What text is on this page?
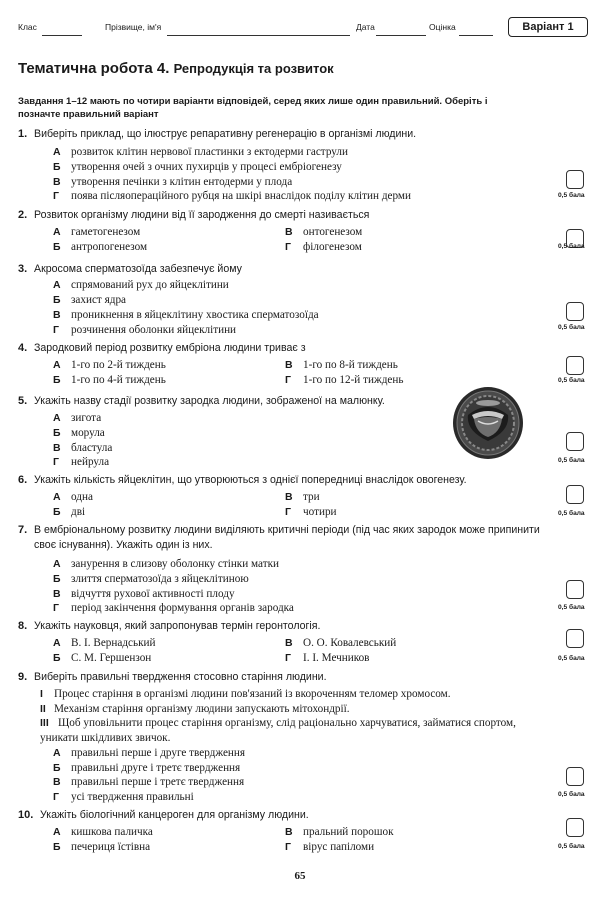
Клас	Прізвище, ім'я	Дата	Оцінка	Варіант 1
Тематична робота 4. Репродукція та розвиток
Завдання 1–12 мають по чотири варіанти відповідей, серед яких лише один правильний. Оберіть і позначте правильний варіант
1. Виберіть приклад, що ілюструє репаративну регенерацію в організмі людини.
А розвиток клітин нервової пластинки з ектодерми гаструли
Б утворення очей з очних пухирців у процесі ембріогенезу
В утворення печінки з клітин ентодерми у плода
Г поява післяопераційного рубця на шкірі внаслідок поділу клітин дерми	0,5 бала
2. Розвиток організму людини від її зародження до смерті називається
А гаметогенезом	В онтогенезом
Б антропогенезом	Г філогенезом	0,5 бала
3. Акросома сперматозоїда забезпечує йому
А спрямований рух до яйцеклітини
Б захист ядра
В проникнення в яйцеклітину хвостика сперматозоїда
Г розчинення оболонки яйцеклітини	0,5 бала
4. Зародковий період розвитку ембріона людини триває з
А 1-го по 2-й тиждень	В 1-го по 8-й тиждень
Б 1-го по 4-й тиждень	Г 1-го по 12-й тиждень	0,5 бала
5. Укажіть назву стадії розвитку зародка людини, зображеної на малюнку.
А зигота
Б морула
В бластула
Г нейрула	0,5 бала
6. Укажіть кількість яйцеклітин, що утворюються з однієї попередниці внаслідок овогенезу.
А одна	В три
Б дві	Г чотири	0,5 бала
7. В ембріональному розвитку людини виділяють критичні періоди (під час яких зародок може припинити своє існування). Укажіть один із них.
А занурення в слизову оболонку стінки матки
Б злиття сперматозоїда з яйцеклітиною
В відчуття рухової активності плоду
Г період закінчення формування органів зародка	0,5 бала
8. Укажіть науковця, який запропонував термін геронтологія.
А В. І. Вернадський	В О. О. Ковалевський
Б С. М. Гершензон	Г І. І. Мечников	0,5 бала
9. Виберіть правильні твердження стосовно старіння людини.
I Процес старіння в організмі людини пов'язаний із вкороченням теломер хромосом.
II Механізм старіння організму людини запускають мітохондрії.
III Щоб уповільнити процес старіння організму, слід раціонально харчуватися, займатися спортом, уникати шкідливих звичок.
А правильні перше і друге твердження
Б правильні друге і третє твердження
В правильні перше і третє твердження
Г усі твердження правильні	0,5 бала
10. Укажіть біологічний канцероген для організму людини.
А кишкова паличка	В пральний порошок
Б печериця їстівна	Г вірус папіломи	0,5 бала
65
